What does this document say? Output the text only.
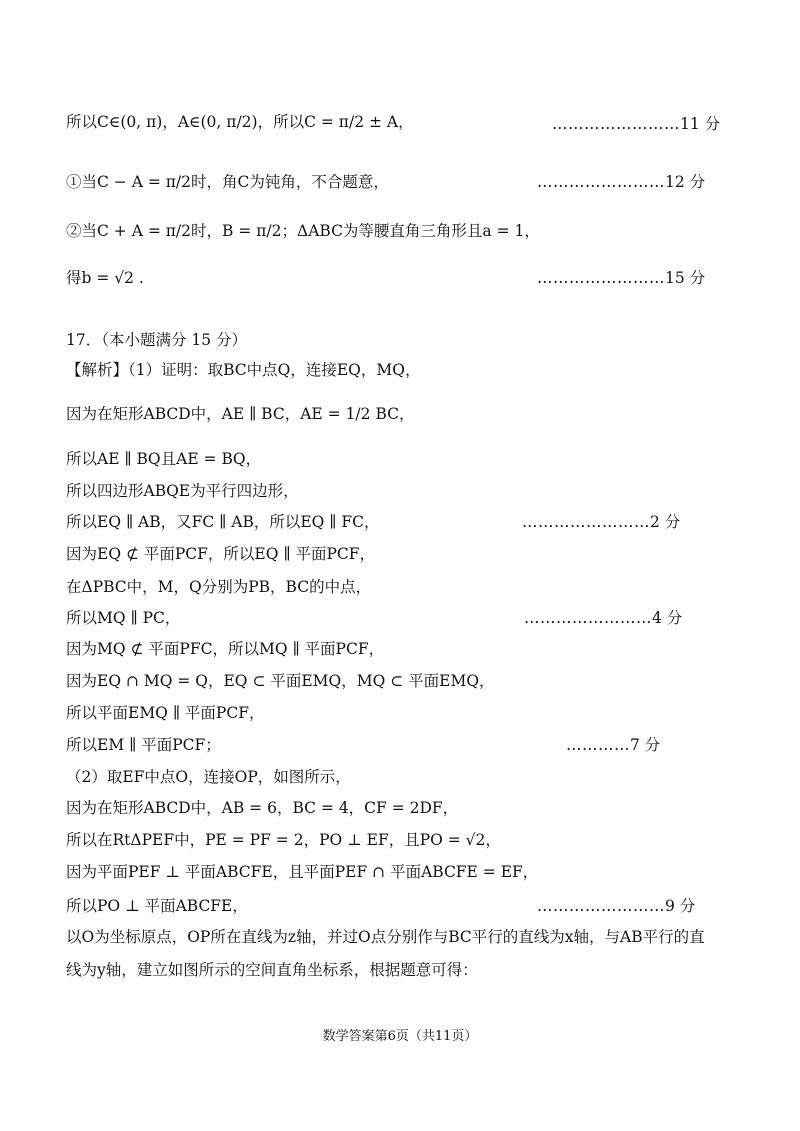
所以C∈(0, π)，A∈(0, π/2)，所以C = π/2 ± A，	……………………11 分
①当C − A = π/2时，角C为钝角，不合题意，	……………………12 分
②当C + A = π/2时，B = π/2；ΔABC为等腰直角三角形且a = 1，
得b = √2 .	……………………15 分
17．（本小题满分 15 分）
【解析】（1）证明：取BC中点Q，连接EQ，MQ，
因为在矩形ABCD中，AE ∥ BC，AE = 1/2 BC，
所以AE ∥ BQ且AE = BQ，
所以四边形ABQE为平行四边形，
所以EQ ∥ AB，又FC ∥ AB，所以EQ ∥ FC，	……………………2 分
因为EQ ⊄ 平面PCF，所以EQ ∥ 平面PCF，
在ΔPBC中，M，Q分别为PB，BC的中点，
所以MQ ∥ PC，	……………………4 分
因为MQ ⊄ 平面PFC，所以MQ ∥ 平面PCF，
因为EQ ∩ MQ = Q，EQ ⊂ 平面EMQ，MQ ⊂ 平面EMQ，
所以平面EMQ ∥ 平面PCF，
所以EM ∥ 平面PCF；	…………7 分
（2）取EF中点O，连接OP，如图所示，
因为在矩形ABCD中，AB = 6，BC = 4，CF = 2DF，
所以在RtΔPEF中，PE = PF = 2，PO ⊥ EF，且PO = √2，
因为平面PEF ⊥ 平面ABCFE，且平面PEF ∩ 平面ABCFE = EF，
所以PO ⊥ 平面ABCFE，	……………………9 分
以O为坐标原点，OP所在直线为z轴，并过O点分别作与BC平行的直线为x轴，与AB平行的直
线为y轴，建立如图所示的空间直角坐标系，根据题意可得：
数学答案第6页（共11页）
